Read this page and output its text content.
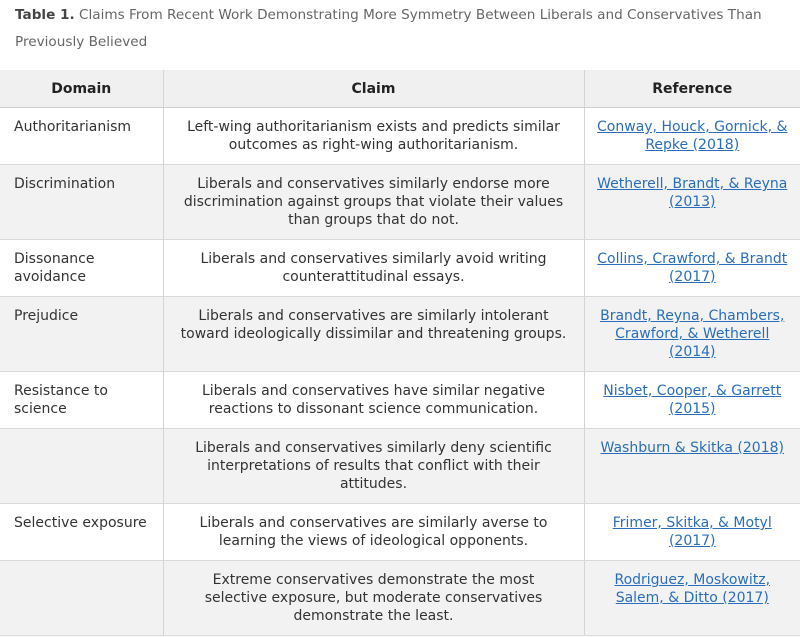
Table 1. Claims From Recent Work Demonstrating More Symmetry Between Liberals and Conservatives Than Previously Believed
Domain	Claim	Reference
Authoritarianism	Left-wing authoritarianism exists and predicts similar outcomes as right-wing authoritarianism.	Conway, Houck, Gornick, & Repke (2018)
Discrimination	Liberals and conservatives similarly endorse more discrimination against groups that violate their values than groups that do not.	Wetherell, Brandt, & Reyna (2013)
Dissonance avoidance	Liberals and conservatives similarly avoid writing counterattitudinal essays.	Collins, Crawford, & Brandt (2017)
Prejudice	Liberals and conservatives are similarly intolerant toward ideologically dissimilar and threatening groups.	Brandt, Reyna, Chambers, Crawford, & Wetherell (2014)
Resistance to science	Liberals and conservatives have similar negative reactions to dissonant science communication.	Nisbet, Cooper, & Garrett (2015)
	Liberals and conservatives similarly deny scientific interpretations of results that conflict with their attitudes.	Washburn & Skitka (2018)
Selective exposure	Liberals and conservatives are similarly averse to learning the views of ideological opponents.	Frimer, Skitka, & Motyl (2017)
	Extreme conservatives demonstrate the most selective exposure, but moderate conservatives demonstrate the least.	Rodriguez, Moskowitz, Salem, & Ditto (2017)
